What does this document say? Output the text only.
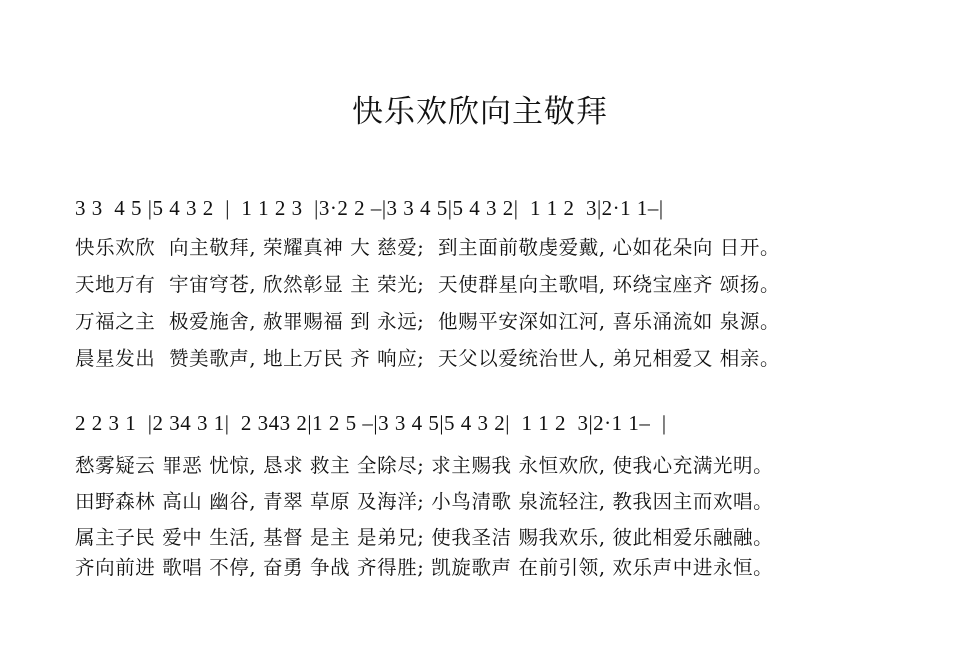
快乐欢欣向主敬拜
3 3  4 5 |5 4 3 2  |  1 1 2 3  |3·2 2 –|3 3 4 5|5 4 3 2|  1 1 2  3|2·1 1–|
快乐欢欣  向主敬拜, 荣耀真神 大 慈爱;  到主面前敬虔爱戴, 心如花朵向 日开。
天地万有  宇宙穹苍, 欣然彰显 主 荣光;  天使群星向主歌唱, 环绕宝座齐 颂扬。
万福之主  极爱施舍, 赦罪赐福 到 永远;  他赐平安深如江河, 喜乐涌流如 泉源。
晨星发出  赞美歌声, 地上万民 齐 响应;  天父以爱统治世人, 弟兄相爱又 相亲。
2 2 3 1  |2 34 3 1|  2 343 2|1 2 5 –|3 3 4 5|5 4 3 2|  1 1 2  3|2·1 1–  |
愁雾疑云 罪恶 忧惊, 恳求 救主 全除尽; 求主赐我 永恒欢欣, 使我心充满光明。
田野森林 高山 幽谷, 青翠 草原 及海洋; 小鸟清歌 泉流轻注, 教我因主而欢唱。
属主子民 爱中 生活, 基督 是主 是弟兄; 使我圣洁 赐我欢乐, 彼此相爱乐融融。
齐向前进 歌唱 不停, 奋勇 争战 齐得胜; 凯旋歌声 在前引领, 欢乐声中进永恒。
